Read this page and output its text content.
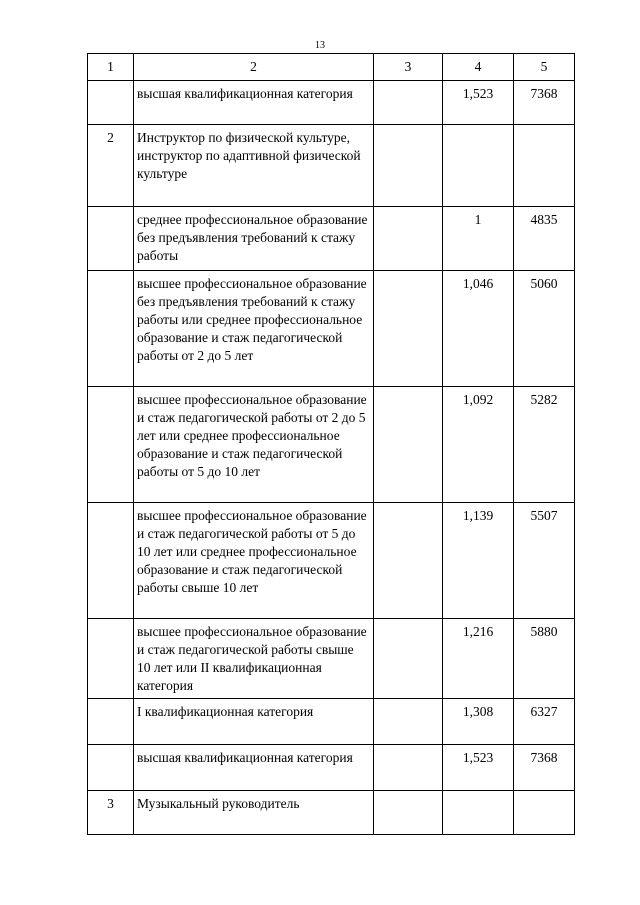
13
1	2	3	4	5
	высшая квалификационная категория		1,523	7368
2	Инструктор по физической культуре, инструктор по адаптивной физической культуре			
	среднее профессиональное образование без предъявления требований к стажу работы		1	4835
	высшее профессиональное образование без предъявления требований к стажу работы или среднее профессиональное образование и стаж педагогической работы от 2 до 5 лет		1,046	5060
	высшее профессиональное образование и стаж педагогической работы от 2 до 5 лет или среднее профессиональное образование и стаж педагогической работы от 5 до 10 лет		1,092	5282
	высшее профессиональное образование и стаж педагогической работы от 5 до 10 лет или среднее профессиональное образование и стаж педагогической работы свыше 10 лет		1,139	5507
	высшее профессиональное образование и стаж педагогической работы свыше 10 лет или II квалификационная категория		1,216	5880
	I квалификационная категория		1,308	6327
	высшая квалификационная категория		1,523	7368
3	Музыкальный руководитель			
